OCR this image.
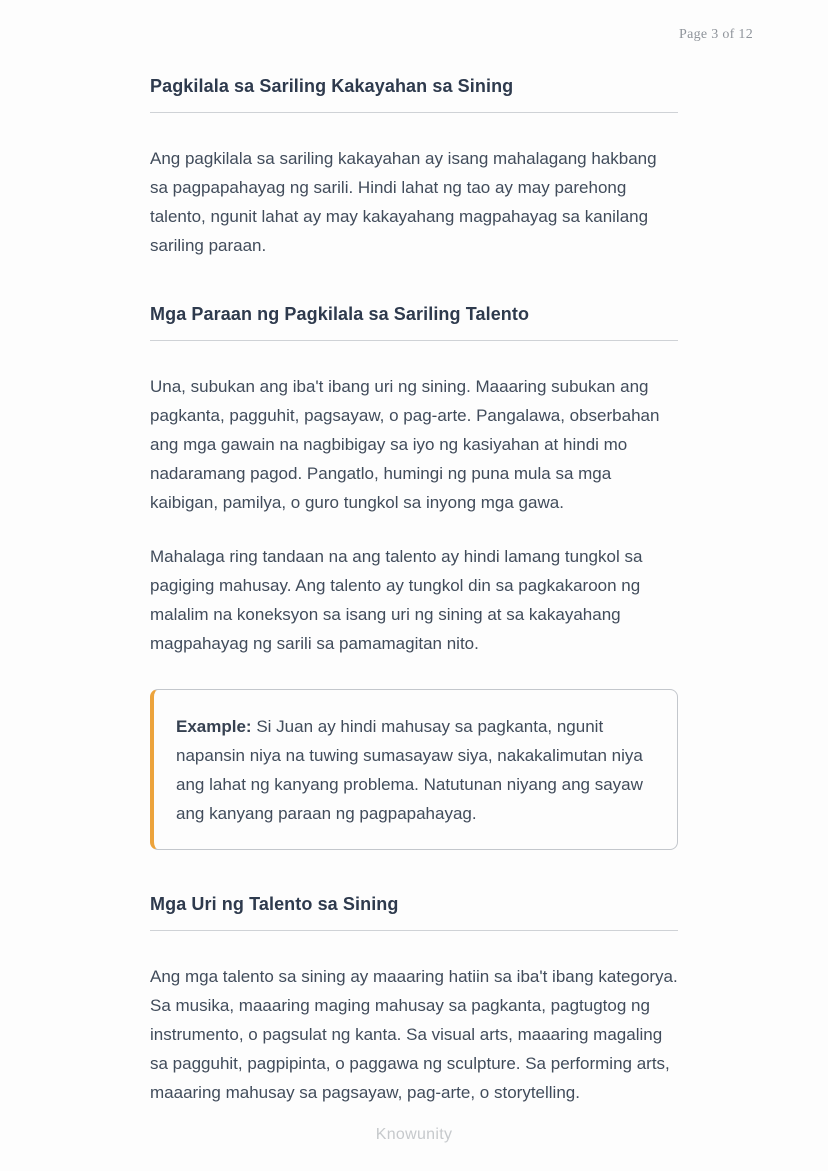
Page 3 of 12
Pagkilala sa Sariling Kakayahan sa Sining

Ang pagkilala sa sariling kakayahan ay isang mahalagang hakbang sa pagpapahayag ng sarili. Hindi lahat ng tao ay may parehong talento, ngunit lahat ay may kakayahang magpahayag sa kanilang sariling paraan.

Mga Paraan ng Pagkilala sa Sariling Talento

Una, subukan ang iba't ibang uri ng sining. Maaaring subukan ang pagkanta, pagguhit, pagsayaw, o pag-arte. Pangalawa, obserbahan ang mga gawain na nagbibigay sa iyo ng kasiyahan at hindi mo nadaramang pagod. Pangatlo, humingi ng puna mula sa mga kaibigan, pamilya, o guro tungkol sa inyong mga gawa.

Mahalaga ring tandaan na ang talento ay hindi lamang tungkol sa pagiging mahusay. Ang talento ay tungkol din sa pagkakaroon ng malalim na koneksyon sa isang uri ng sining at sa kakayahang magpahayag ng sarili sa pamamagitan nito.

Example: Si Juan ay hindi mahusay sa pagkanta, ngunit napansin niya na tuwing sumasayaw siya, nakakalimutan niya ang lahat ng kanyang problema. Natutunan niyang ang sayaw ang kanyang paraan ng pagpapahayag.

Mga Uri ng Talento sa Sining

Ang mga talento sa sining ay maaaring hatiin sa iba't ibang kategorya. Sa musika, maaaring maging mahusay sa pagkanta, pagtugtog ng instrumento, o pagsulat ng kanta. Sa visual arts, maaaring magaling sa pagguhit, pagpipinta, o paggawa ng sculpture. Sa performing arts, maaaring mahusay sa pagsayaw, pag-arte, o storytelling.

Knowunity
